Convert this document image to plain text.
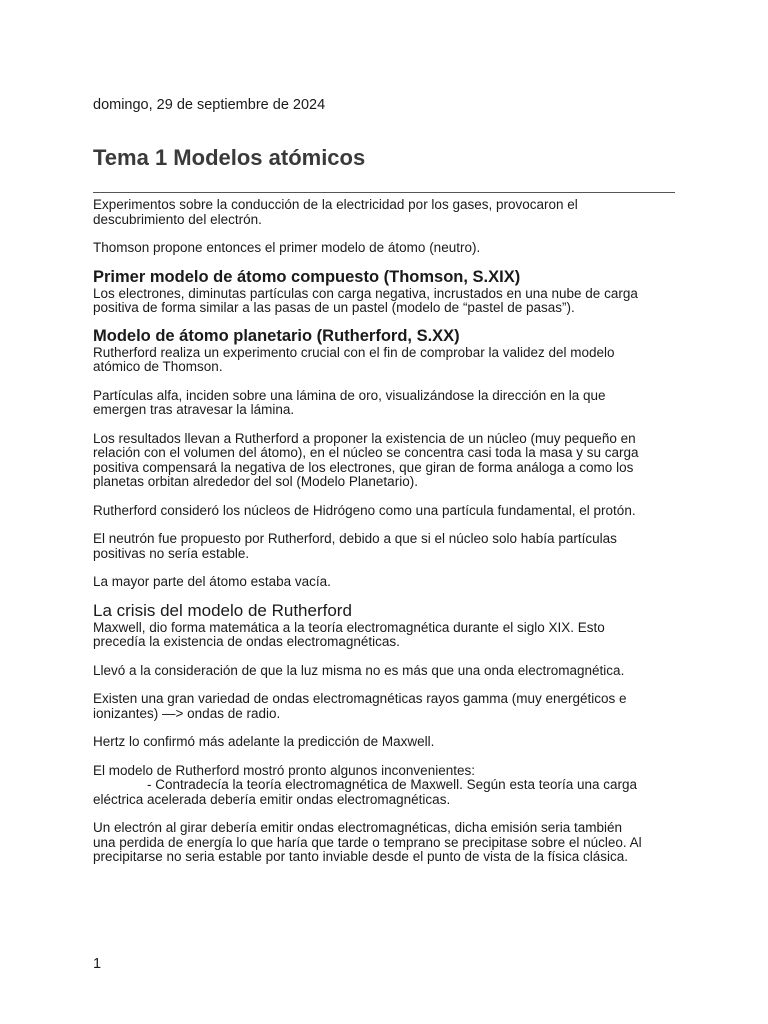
domingo, 29 de septiembre de 2024
Tema 1 Modelos atómicos

Experimentos sobre la conducción de la electricidad por los gases, provocaron el
descubrimiento del electrón.

Thomson propone entonces el primer modelo de átomo (neutro).

Primer modelo de átomo compuesto (Thomson, S.XIX)

Los electrones, diminutas partículas con carga negativa, incrustados en una nube de carga
positiva de forma similar a las pasas de un pastel (modelo de “pastel de pasas”).

Modelo de átomo planetario (Rutherford, S.XX)

Rutherford realiza un experimento crucial con el fin de comprobar la validez del modelo
atómico de Thomson.

Partículas alfa, inciden sobre una lámina de oro, visualizándose la dirección en la que
emergen tras atravesar la lámina.

Los resultados llevan a Rutherford a proponer la existencia de un núcleo (muy pequeño en
relación con el volumen del átomo), en el núcleo se concentra casi toda la masa y su carga
positiva compensará la negativa de los electrones, que giran de forma análoga a como los
planetas orbitan alrededor del sol (Modelo Planetario).

Rutherford consideró los núcleos de Hidrógeno como una partícula fundamental, el protón.

El neutrón fue propuesto por Rutherford, debido a que si el núcleo solo había partículas
positivas no sería estable.

La mayor parte del átomo estaba vacía.

La crisis del modelo de Rutherford

Maxwell, dio forma matemática a la teoría electromagnética durante el siglo XIX. Esto
precedía la existencia de ondas electromagnéticas.

Llevó a la consideración de que la luz misma no es más que una onda electromagnética.

Existen una gran variedad de ondas electromagnéticas rayos gamma (muy energéticos e
ionizantes) —> ondas de radio.

Hertz lo confirmó más adelante la predicción de Maxwell.

El modelo de Rutherford mostró pronto algunos inconvenientes:
- Contradecía la teoría electromagnética de Maxwell. Según esta teoría una carga
eléctrica acelerada debería emitir ondas electromagnéticas.

Un electrón al girar debería emitir ondas electromagnéticas, dicha emisión seria también
una perdida de energía lo que haría que tarde o temprano se precipitase sobre el núcleo. Al
precipitarse no seria estable por tanto inviable desde el punto de vista de la física clásica.

1
